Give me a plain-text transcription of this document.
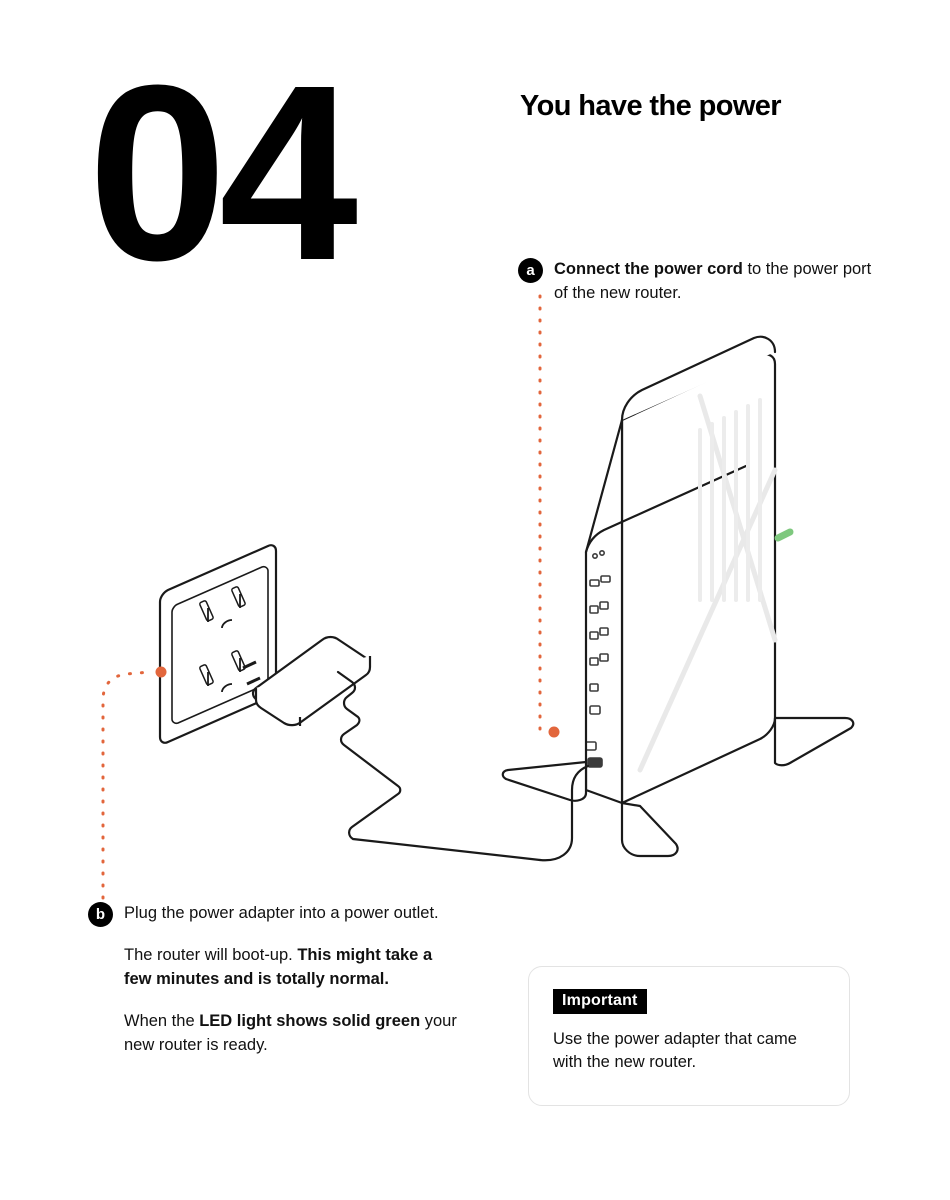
04	You have the power
a	Connect the power cord to the power port of the new router.
b	Plug the power adapter into a power outlet.
The router will boot-up. This might take a few minutes and is totally normal.
When the LED light shows solid green your new router is ready.
Important
Use the power adapter that came with the new router.
